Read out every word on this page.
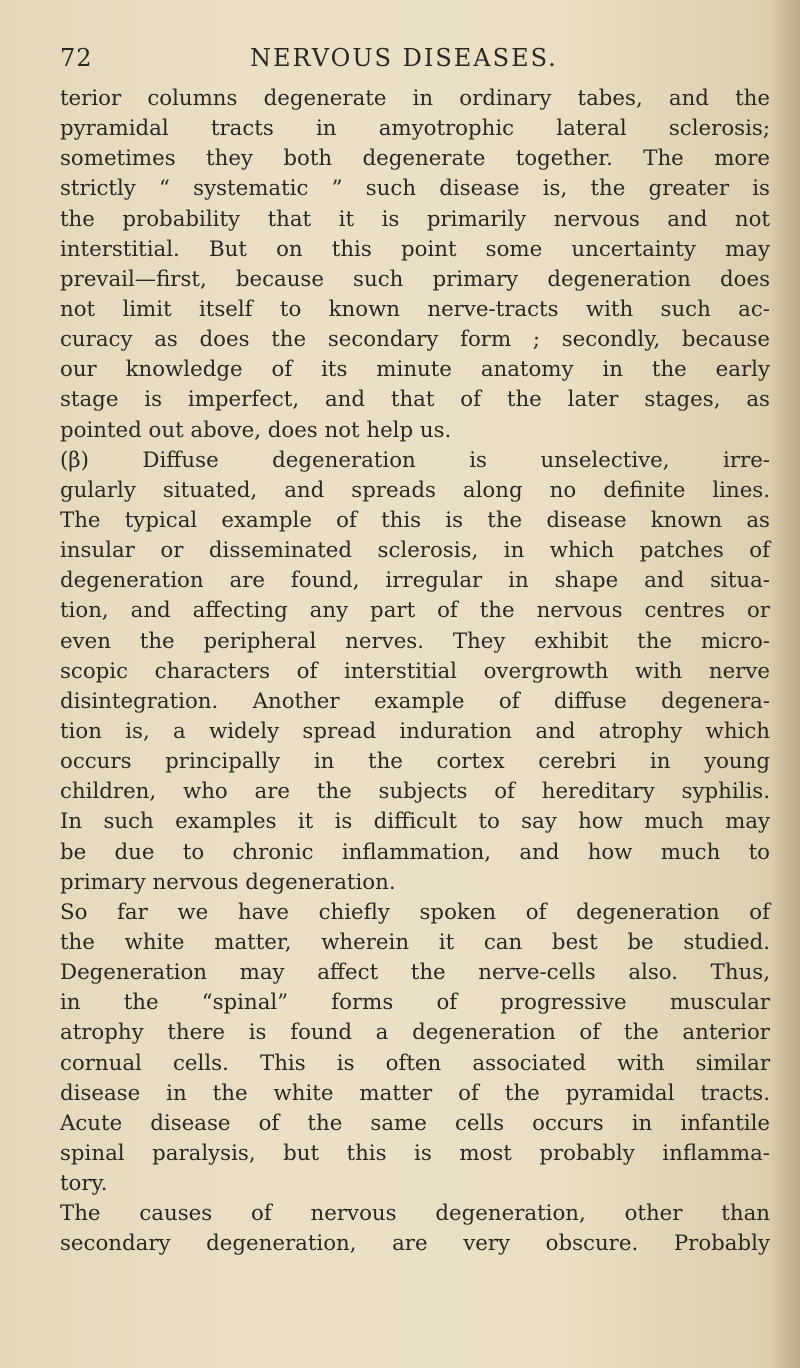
72	NERVOUS DISEASES.
terior columns degenerate in ordinary tabes, and the
pyramidal tracts in amyotrophic lateral sclerosis;
sometimes they both degenerate together. The more
strictly “ systematic ” such disease is, the greater is
the probability that it is primarily nervous and not
interstitial. But on this point some uncertainty may
prevail—first, because such primary degeneration does
not limit itself to known nerve-tracts with such ac-
curacy as does the secondary form ; secondly, because
our knowledge of its minute anatomy in the early
stage is imperfect, and that of the later stages, as
pointed out above, does not help us.
(β) Diffuse degeneration is unselective, irre-
gularly situated, and spreads along no definite lines.
The typical example of this is the disease known as
insular or disseminated sclerosis, in which patches of
degeneration are found, irregular in shape and situa-
tion, and affecting any part of the nervous centres or
even the peripheral nerves. They exhibit the micro-
scopic characters of interstitial overgrowth with nerve
disintegration. Another example of diffuse degenera-
tion is, a widely spread induration and atrophy which
occurs principally in the cortex cerebri in young
children, who are the subjects of hereditary syphilis.
In such examples it is difficult to say how much may
be due to chronic inflammation, and how much to
primary nervous degeneration.
So far we have chiefly spoken of degeneration of
the white matter, wherein it can best be studied.
Degeneration may affect the nerve-cells also. Thus,
in the “spinal” forms of progressive muscular
atrophy there is found a degeneration of the anterior
cornual cells. This is often associated with similar
disease in the white matter of the pyramidal tracts.
Acute disease of the same cells occurs in infantile
spinal paralysis, but this is most probably inflamma-
tory.
The causes of nervous degeneration, other than
secondary degeneration, are very obscure. Probably
